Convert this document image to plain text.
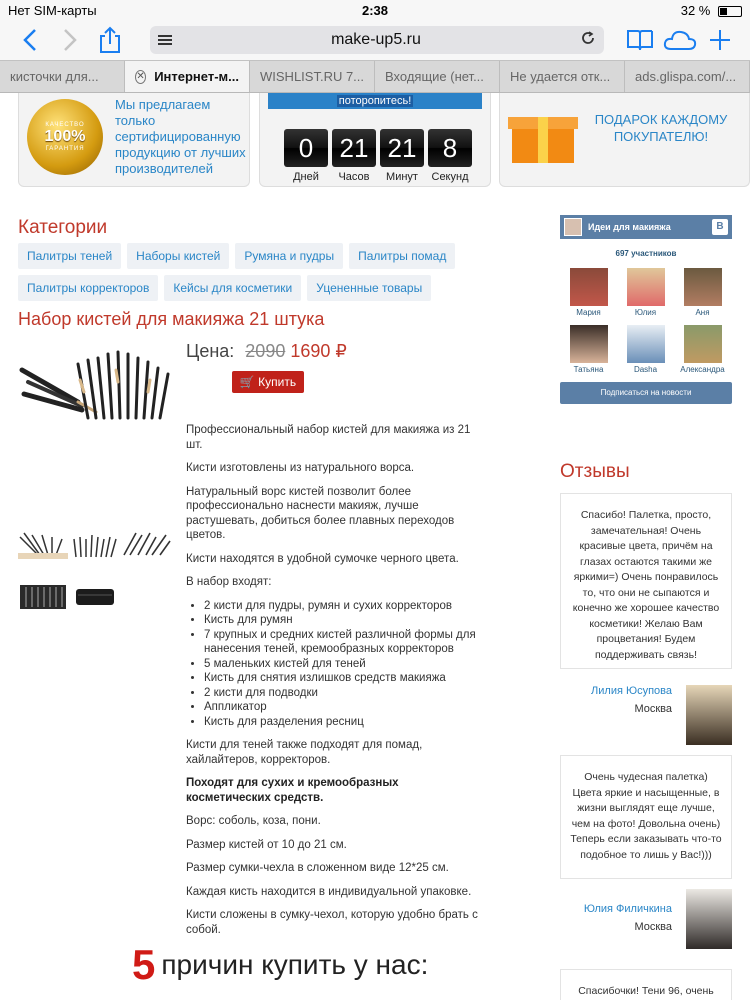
Нет SIM-карты	2:38	32 %
make-up5.ru
кисточки для...	✕ Интернет-м... WISHLIST.RU 7... Входящие (нет... Не удается отк... ads.glispa.com/...
КАЧЕСТВО
100%
ГАРАНТИЯ
Мы предлагаем только сертифицированную продукцию от лучших производителей
поторопитесь!
0
Дней
21
Часов
21
Минут
8
Секунд
ПОДАРОК КАЖДОМУ ПОКУПАТЕЛЮ!
Категории
Палитры теней	Наборы кистей	Румяна и пудры	Палитры помад
Палитры корректоров	Кейсы для косметики	Уцененные товары
Набор кистей для макияжа 21 штука
Цена: 2090 1690 ₽
🛒 Купить

Профессиональный набор кистей для макияжа из 21 шт.

Кисти изготовлены из натурального ворса.

Натуральный ворс кистей позволит более профессионально наснести макияж, лучше растушевать, добиться более плавных переходов цветов.

Кисти находятся в удобной сумочке черного цвета.

В набор входят:

• 2 кисти для пудры, румян и сухих корректоров
• Кисть для румян
• 7 крупных и средних кистей различной формы для нанесения теней, кремообразных корректоров
• 5 маленьких кистей для теней
• Кисть для снятия излишков средств макияжа
• 2 кисти для подводки
• Аппликатор
• Кисть для разделения ресниц

Кисти для теней также подходят для помад, хайлайтеров, корректоров.

Походят для сухих и кремообразных косметических средств.

Ворс: соболь, коза, пони.

Размер кистей от 10 до 21 см.

Размер сумки-чехла в сложенном виде 12*25 см.

Каждая кисть находится в индивидуальной упаковке.

Кисти сложены в сумку-чехол, которую удобно брать с собой.

5 причин купить у нас:
Идеи для макияжа	В
697 участников
Мария	Юлия	Аня
Татьяна	Dasha	Александра
Подписаться на новости
Отзывы
Спасибо! Палетка, просто, замечательная! Очень красивые цвета, причём на глазах остаются такими же яркими=) Очень понравилось то, что они не сыпаются и конечно же хорошее качество косметики! Желаю Вам процветания! Будем поддерживать связь!
Лилия Юсупова
Москва
Очень чудесная палетка) Цвета яркие и насыщенные, в жизни выглядят еще лучше, чем на фото! Довольна очень) Теперь если заказывать что-то подобное то лишь у Вас!)))
Юлия Филичкина
Москва
Спасибочки! Тени 96, очень
